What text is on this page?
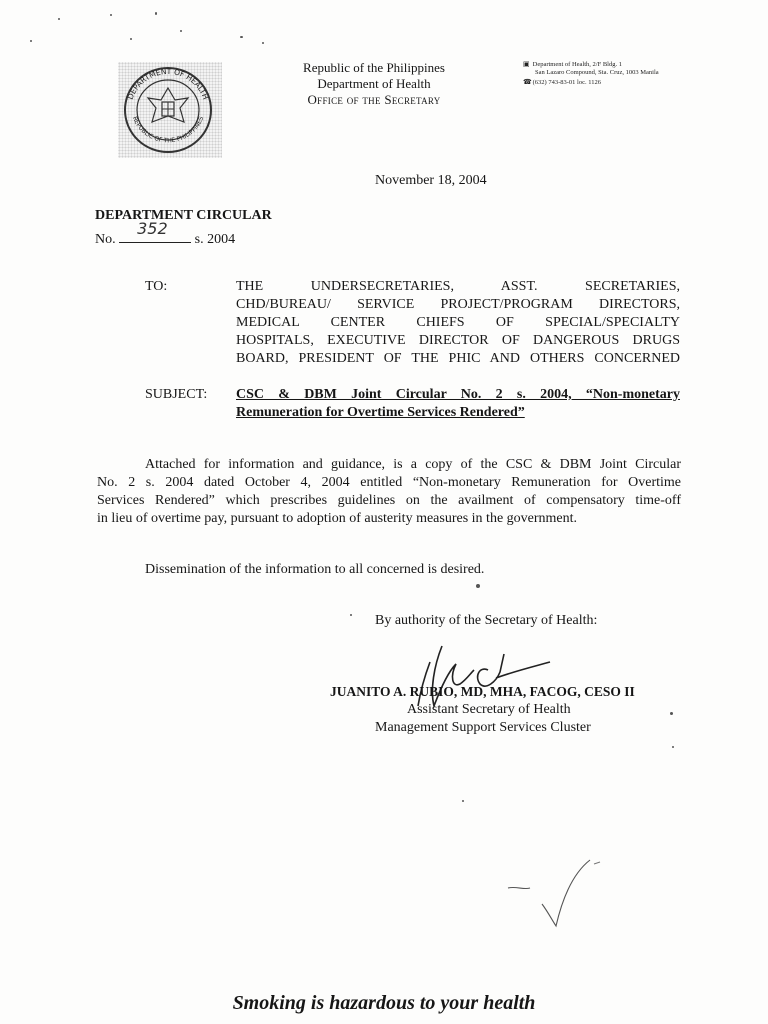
DEPARTMENT OF HEALTH
REPUBLIC OF THE PHILIPPINES
Republic of the Philippines
Department of Health
Office of the Secretary
▣ Department of Health, 2/F Bldg. 1
San Lazaro Compound, Sta. Cruz, 1003 Manila
☎ (632) 743-83-01 loc. 1126
November 18, 2004
DEPARTMENT CIRCULAR
No.
352
s. 2004
TO:	THE UNDERSECRETARIES, ASST. SECRETARIES,
CHD/BUREAU/ SERVICE PROJECT/PROGRAM DIRECTORS,
MEDICAL CENTER CHIEFS OF SPECIAL/SPECIALTY
HOSPITALS, EXECUTIVE DIRECTOR OF DANGEROUS DRUGS
BOARD, PRESIDENT OF THE PHIC AND OTHERS CONCERNED
SUBJECT: CSC & DBM Joint Circular No. 2 s. 2004, “Non-monetary
Remuneration for Overtime Services Rendered”
Attached for information and guidance, is a copy of the CSC & DBM Joint Circular
No. 2 s. 2004 dated October 4, 2004 entitled “Non-monetary Remuneration for Overtime
Services Rendered” which prescribes guidelines on the availment of compensatory time-off
in lieu of overtime pay, pursuant to adoption of austerity measures in the government.
Dissemination of the information to all concerned is desired.
By authority of the Secretary of Health:
JUANITO A. RUBIO, MD, MHA, FACOG, CESO II
Assistant Secretary of Health
Management Support Services Cluster
Smoking is hazardous to your health
